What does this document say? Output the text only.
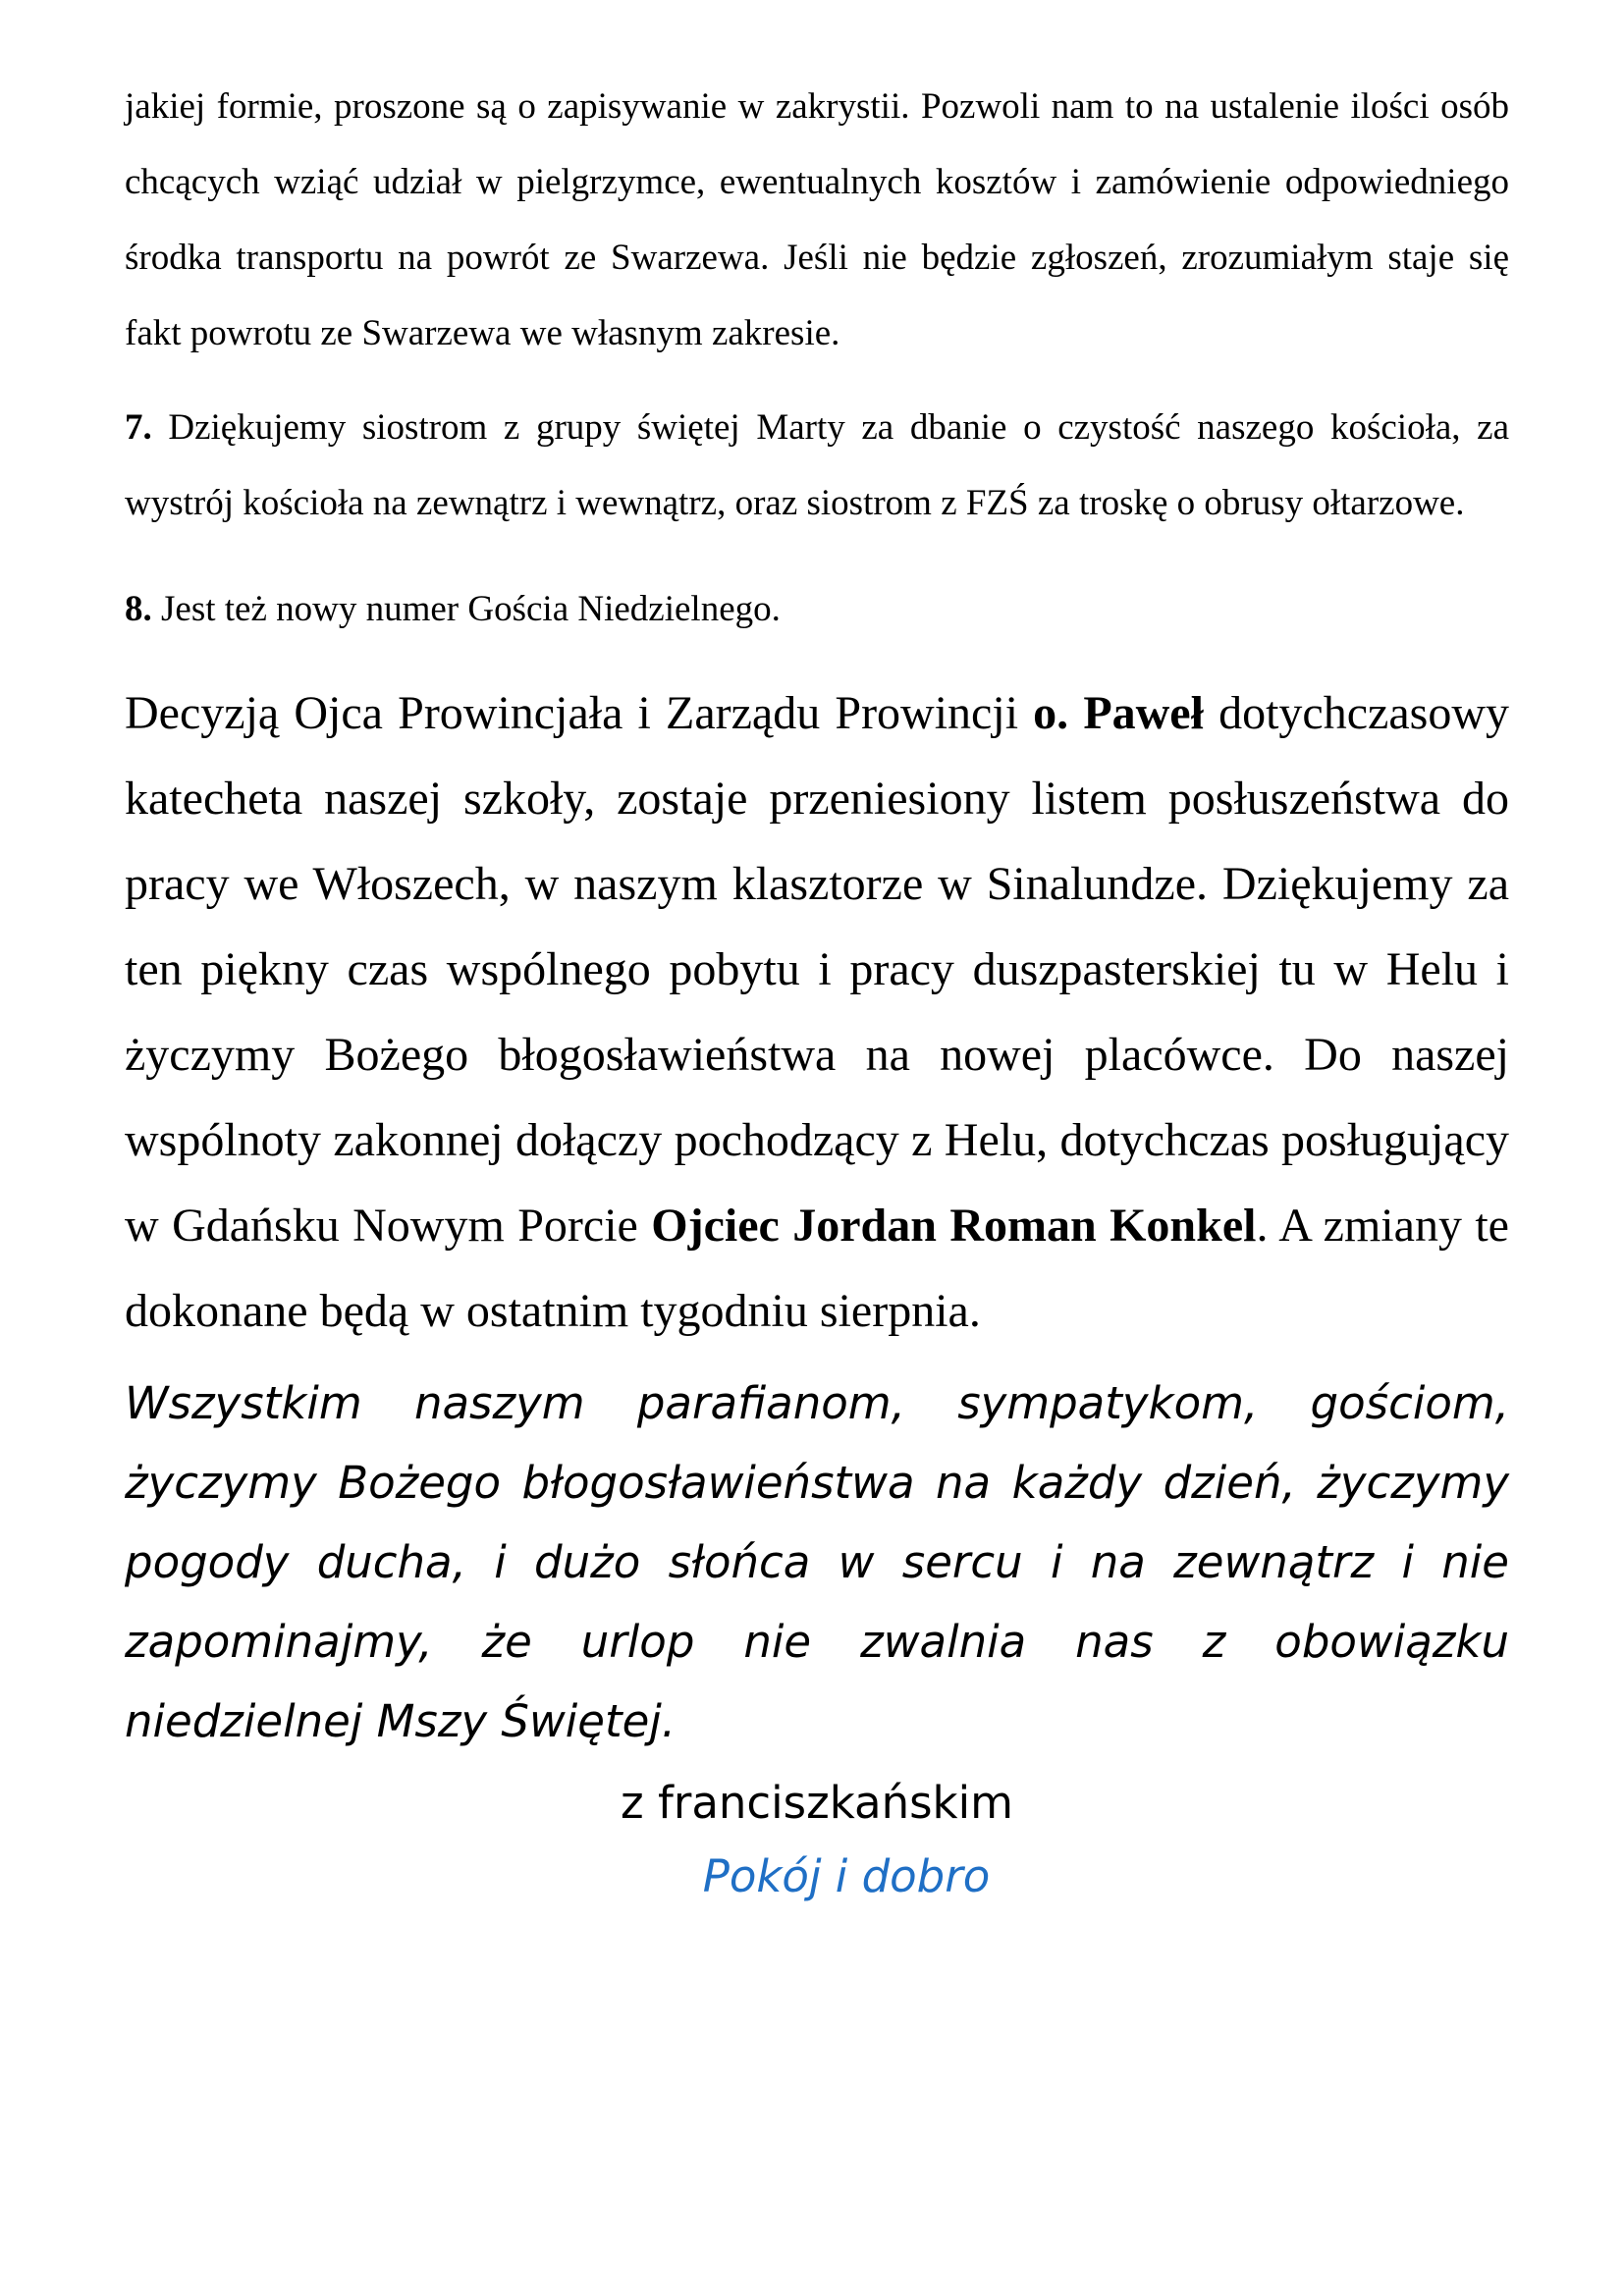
jakiej formie, proszone są o zapisywanie w zakrystii. Pozwoli nam to na ustalenie ilości osób chcących wziąć udział w pielgrzymce, ewentualnych kosztów i zamówienie odpowiedniego środka transportu na powrót ze Swarzewa. Jeśli nie będzie zgłoszeń, zrozumiałym staje się fakt powrotu ze Swarzewa we własnym zakresie.

7. Dziękujemy siostrom z grupy świętej Marty za dbanie o czystość naszego kościoła, za wystrój kościoła na zewnątrz i wewnątrz, oraz siostrom z FZŚ za troskę o obrusy ołtarzowe.

8. Jest też nowy numer Gościa Niedzielnego.

Decyzją Ojca Prowincjała i Zarządu Prowincji o. Paweł dotychczasowy katecheta naszej szkoły, zostaje przeniesiony listem posłuszeństwa do pracy we Włoszech, w naszym klasztorze w Sinalundze. Dziękujemy za ten piękny czas wspólnego pobytu i pracy duszpasterskiej tu w Helu i życzymy Bożego błogosławieństwa na nowej placówce. Do naszej wspólnoty zakonnej dołączy pochodzący z Helu, dotychczas posługujący w Gdańsku Nowym Porcie Ojciec Jordan Roman Konkel. A zmiany te dokonane będą w ostatnim tygodniu sierpnia.

Wszystkim naszym parafianom, sympatykom, gościom, życzymy Bożego błogosławieństwa na każdy dzień, życzymy pogody ducha, i dużo słońca w sercu i na zewnątrz i nie zapominajmy, że urlop nie zwalnia nas z obowiązku niedzielnej Mszy Świętej.

z franciszkańskim

Pokój i dobro
